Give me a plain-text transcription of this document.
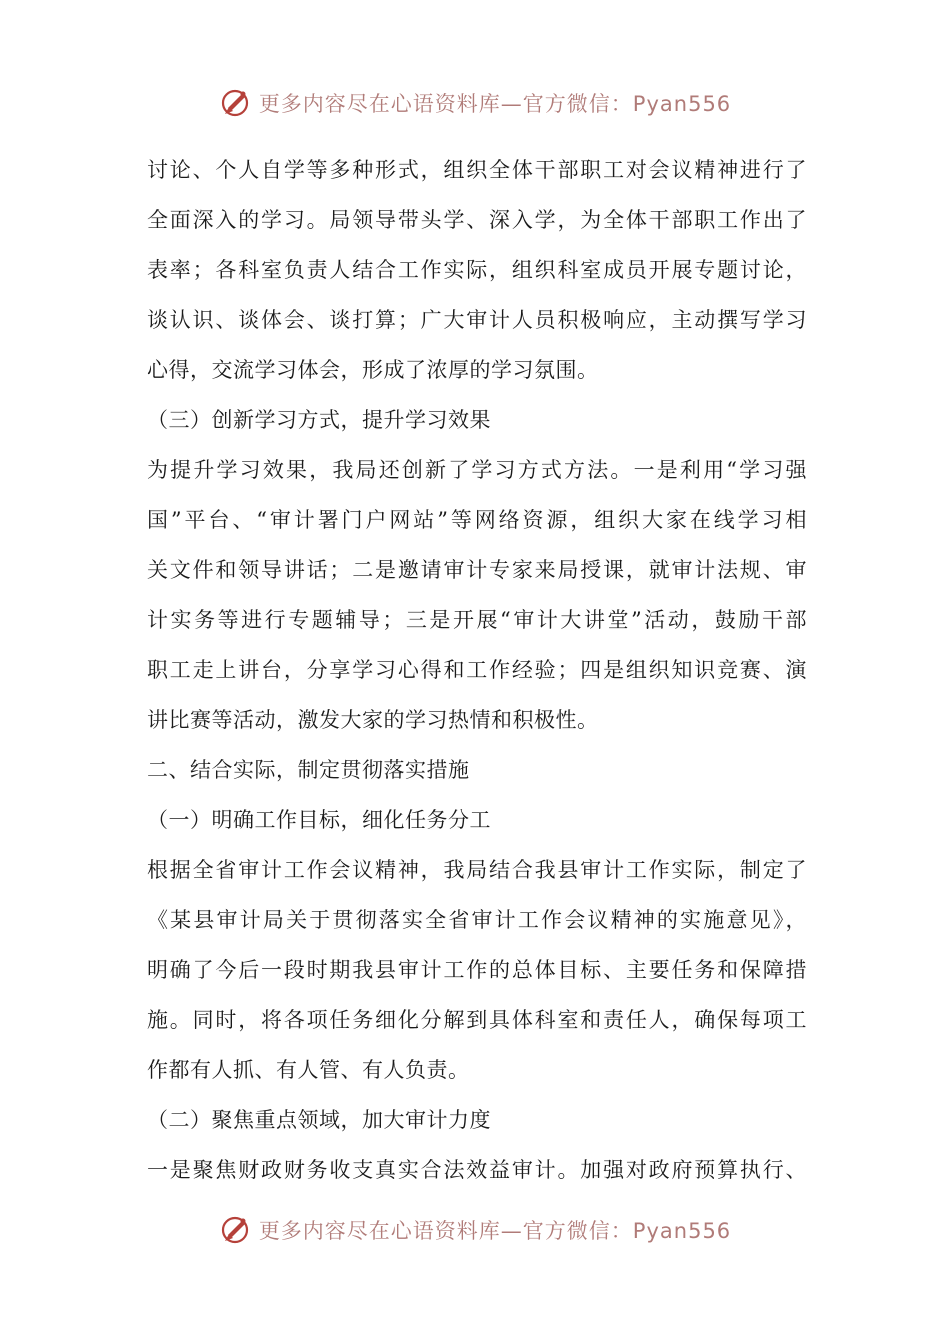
更多内容尽在心语资料库—官方微信：Pyan556
讨论、个人自学等多种形式，组织全体干部职工对会议精神进行了
全面深入的学习。局领导带头学、深入学，为全体干部职工作出了
表率；各科室负责人结合工作实际，组织科室成员开展专题讨论，
谈认识、谈体会、谈打算；广大审计人员积极响应，主动撰写学习
心得，交流学习体会，形成了浓厚的学习氛围。
（三）创新学习方式，提升学习效果
为提升学习效果，我局还创新了学习方式方法。一是利用“学习强
国”平台、“审计署门户网站”等网络资源，组织大家在线学习相
关文件和领导讲话；二是邀请审计专家来局授课，就审计法规、审
计实务等进行专题辅导；三是开展“审计大讲堂”活动，鼓励干部
职工走上讲台，分享学习心得和工作经验；四是组织知识竞赛、演
讲比赛等活动，激发大家的学习热情和积极性。
二、结合实际，制定贯彻落实措施
（一）明确工作目标，细化任务分工
根据全省审计工作会议精神，我局结合我县审计工作实际，制定了
《某县审计局关于贯彻落实全省审计工作会议精神的实施意见》，
明确了今后一段时期我县审计工作的总体目标、主要任务和保障措
施。同时，将各项任务细化分解到具体科室和责任人，确保每项工
作都有人抓、有人管、有人负责。
（二）聚焦重点领域，加大审计力度
一是聚焦财政财务收支真实合法效益审计。加强对政府预算执行、
更多内容尽在心语资料库—官方微信：Pyan556
